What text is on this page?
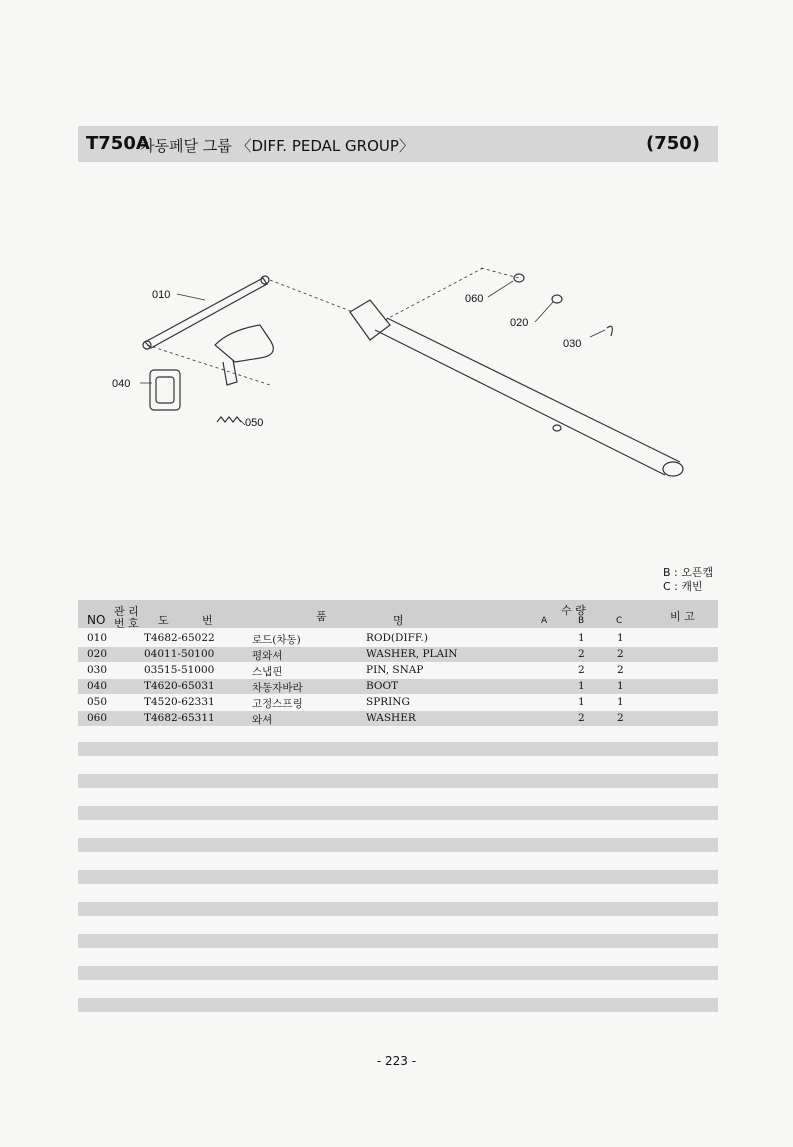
T750A
차동페달 그룹 〈DIFF. PEDAL GROUP〉	(750)
010
040
050
060
020
030
B : 오픈캡
C : 캐빈
NO
관 리
번 호 도	번	품	명
수 량
A	B	C	비 고
010	T4682-65022	로드(차동)	ROD(DIFF.)	1	1
020	04011-50100	평와셔	WASHER, PLAIN	2	2
030	03515-51000	스냅핀	PIN, SNAP	2	2
040	T4620-65031	차동자바라	BOOT	1	1
050	T4520-62331	고정스프링	SPRING	1	1
060	T4682-65311	와셔	WASHER	2	2
- 223 -
